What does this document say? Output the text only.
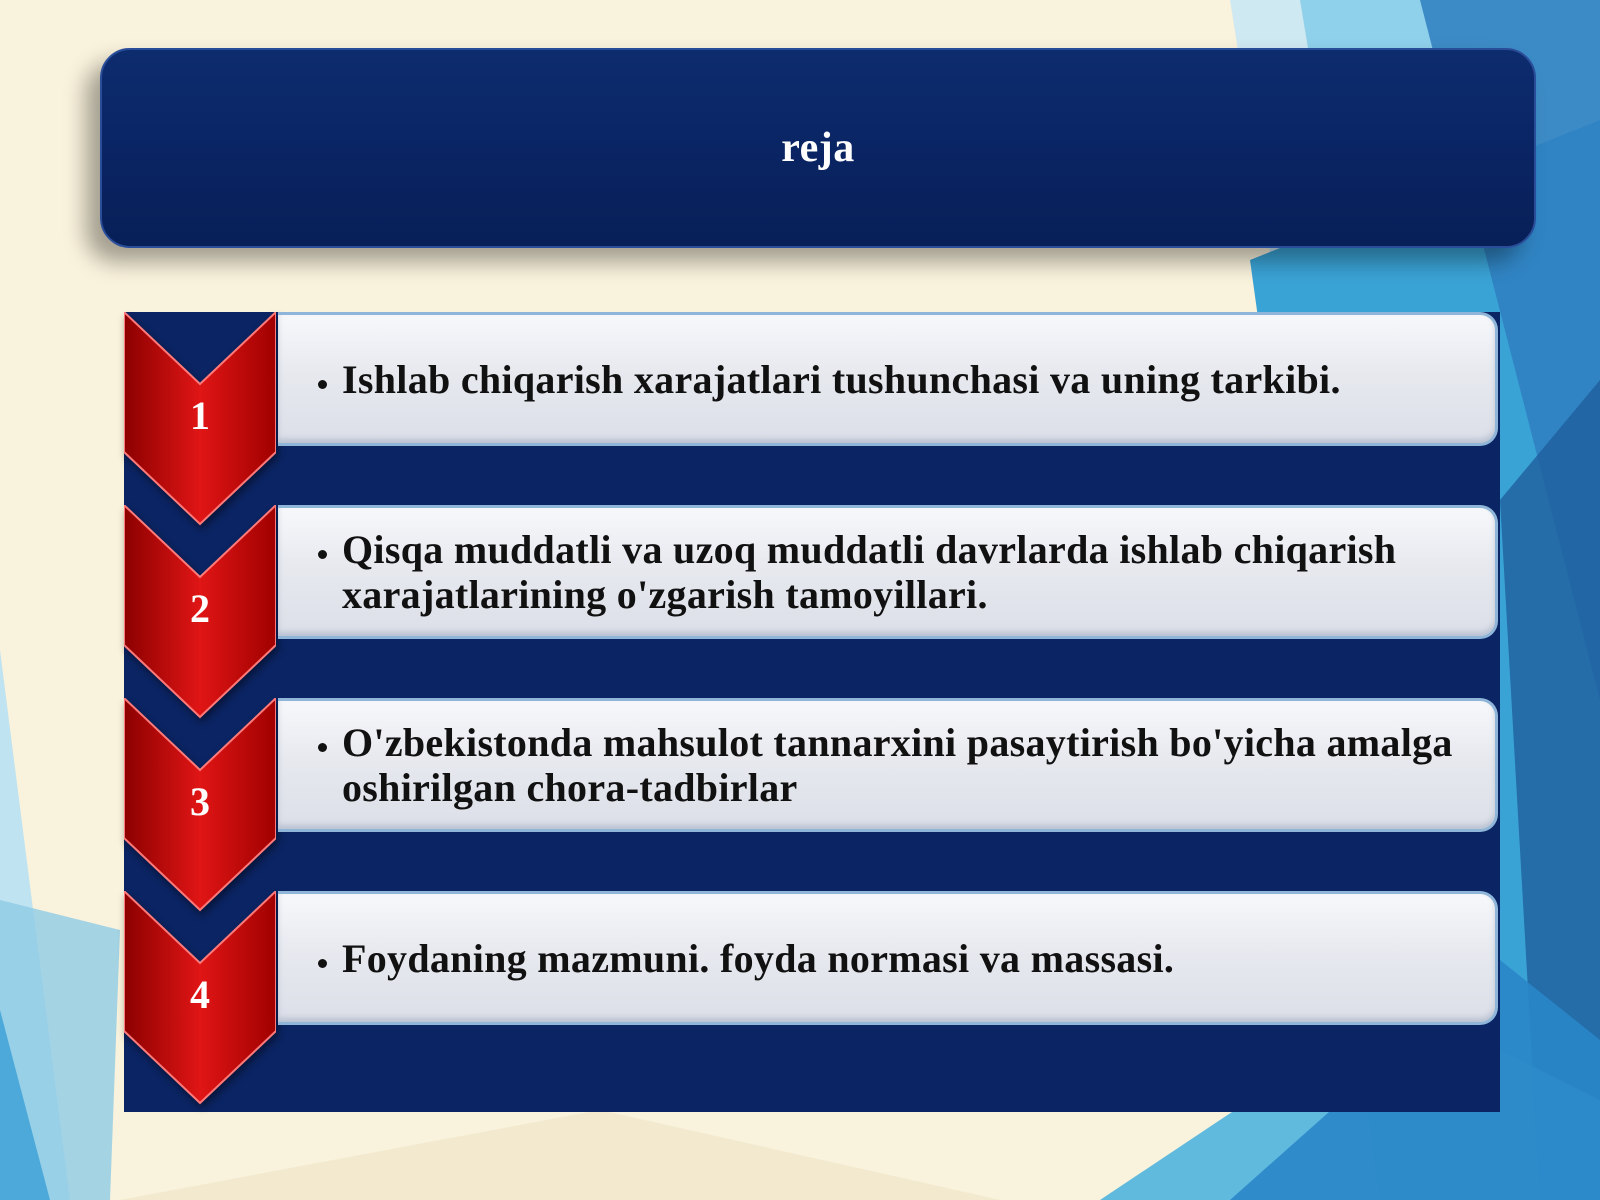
reja
1
• Ishlab chiqarish xarajatlari tushunchasi va uning tarkibi.
2
• Qisqa muddatli va uzoq muddatli davrlarda ishlab chiqarish xarajatlarining o'zgarish tamoyillari.
3
• O'zbekistonda mahsulot tannarxini pasaytirish bo'yicha amalga oshirilgan chora-tadbirlar
4
• Foydaning mazmuni. foyda normasi va massasi.
